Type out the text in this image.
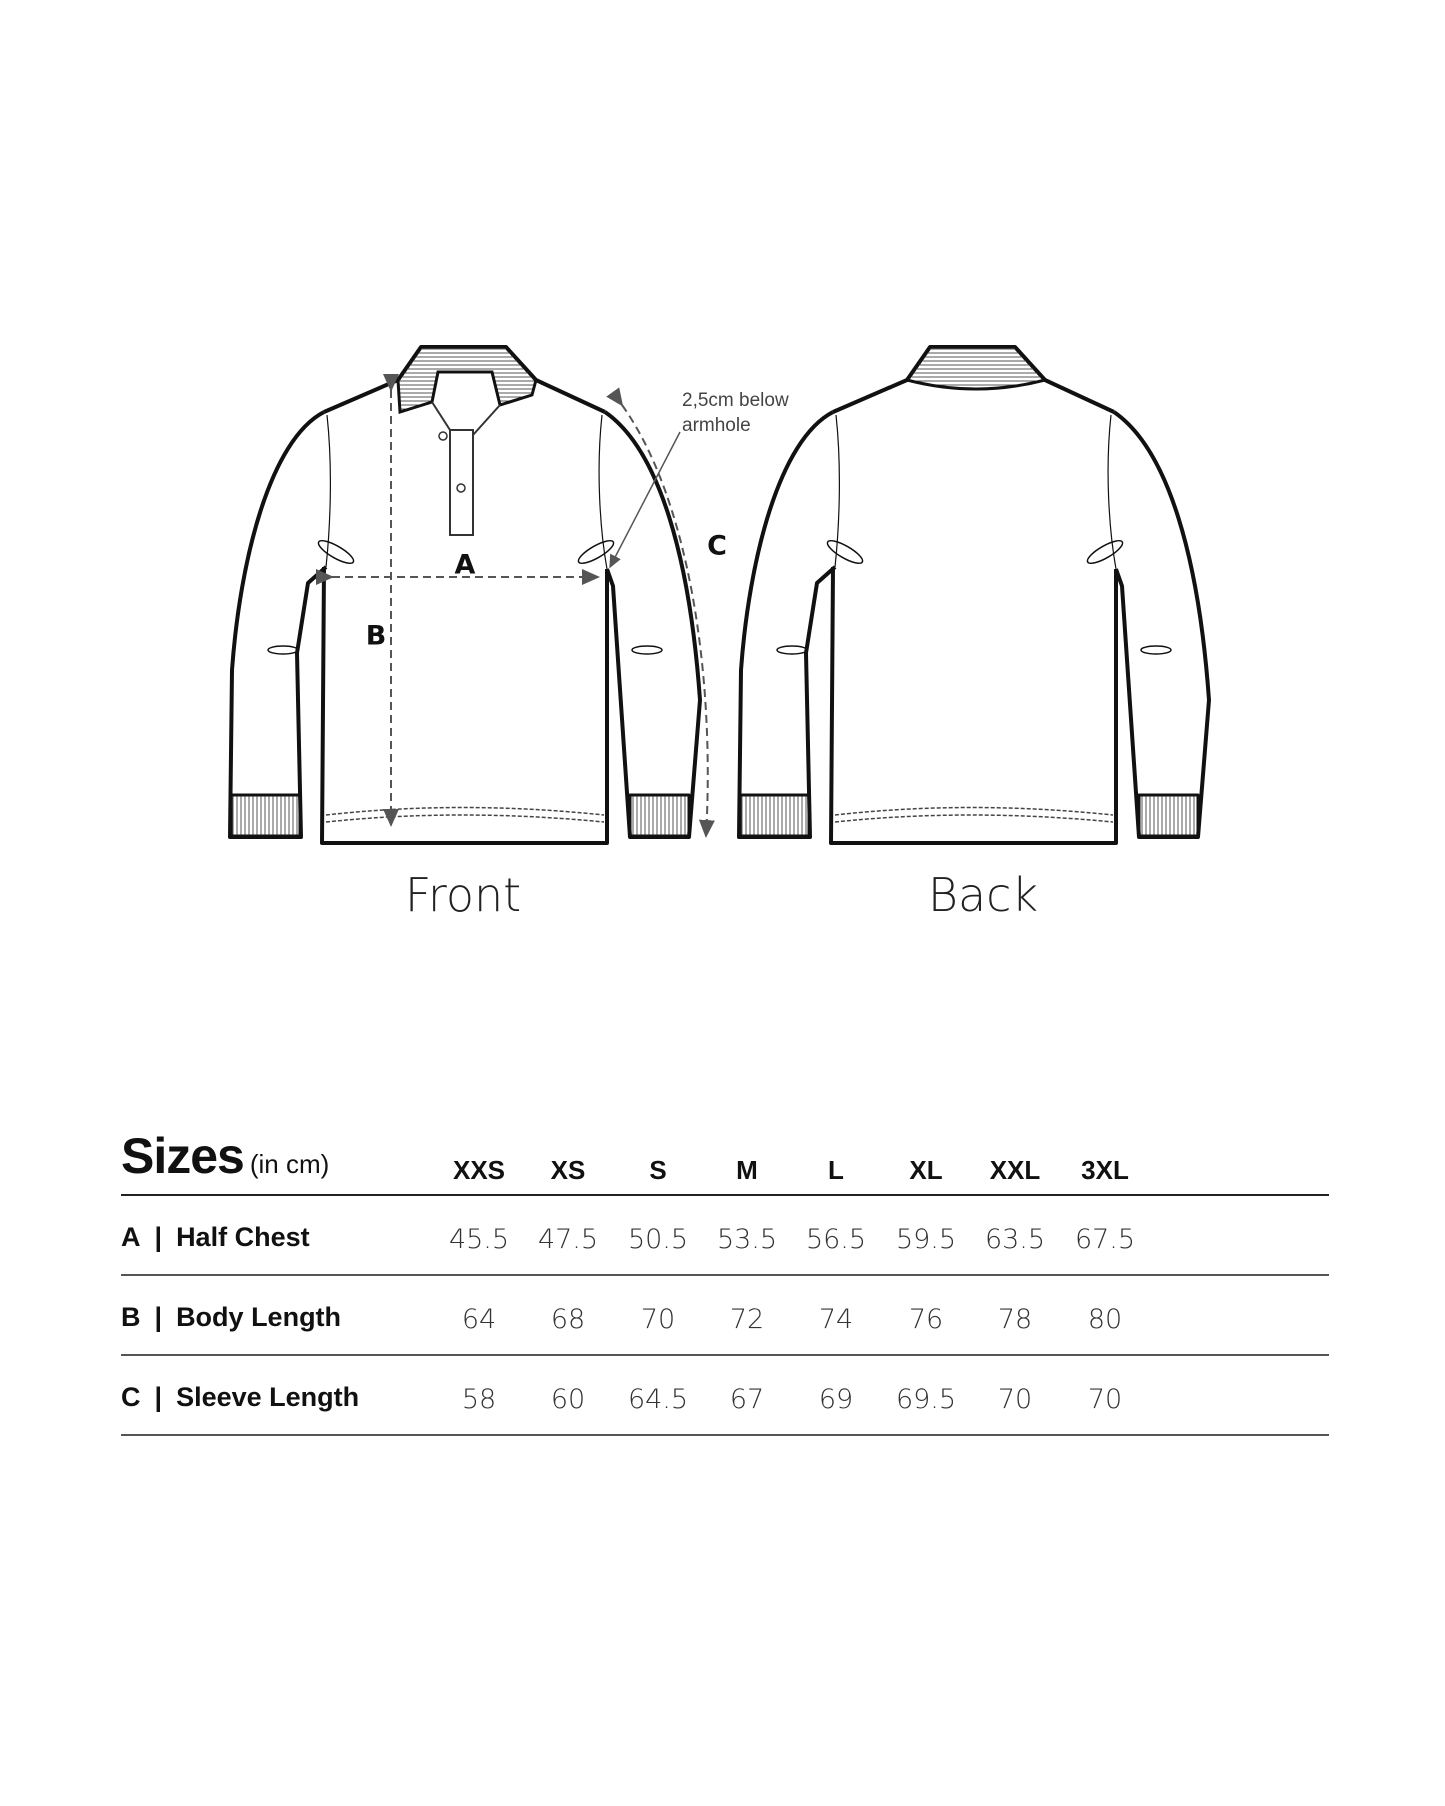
A
B
C
2,5cm below
armhole
Front	Back
Sizes (in cm)	XXS	XS	S	M	L	XL	XXL	3XL
A | Half Chest	45.5	47.5	50.5	53.5	56.5	59.5	63.5	67.5
B | Body Length	64	68	70	72	74	76	78	80
C | Sleeve Length	58	60	64.5	67	69	69.5	70	70
